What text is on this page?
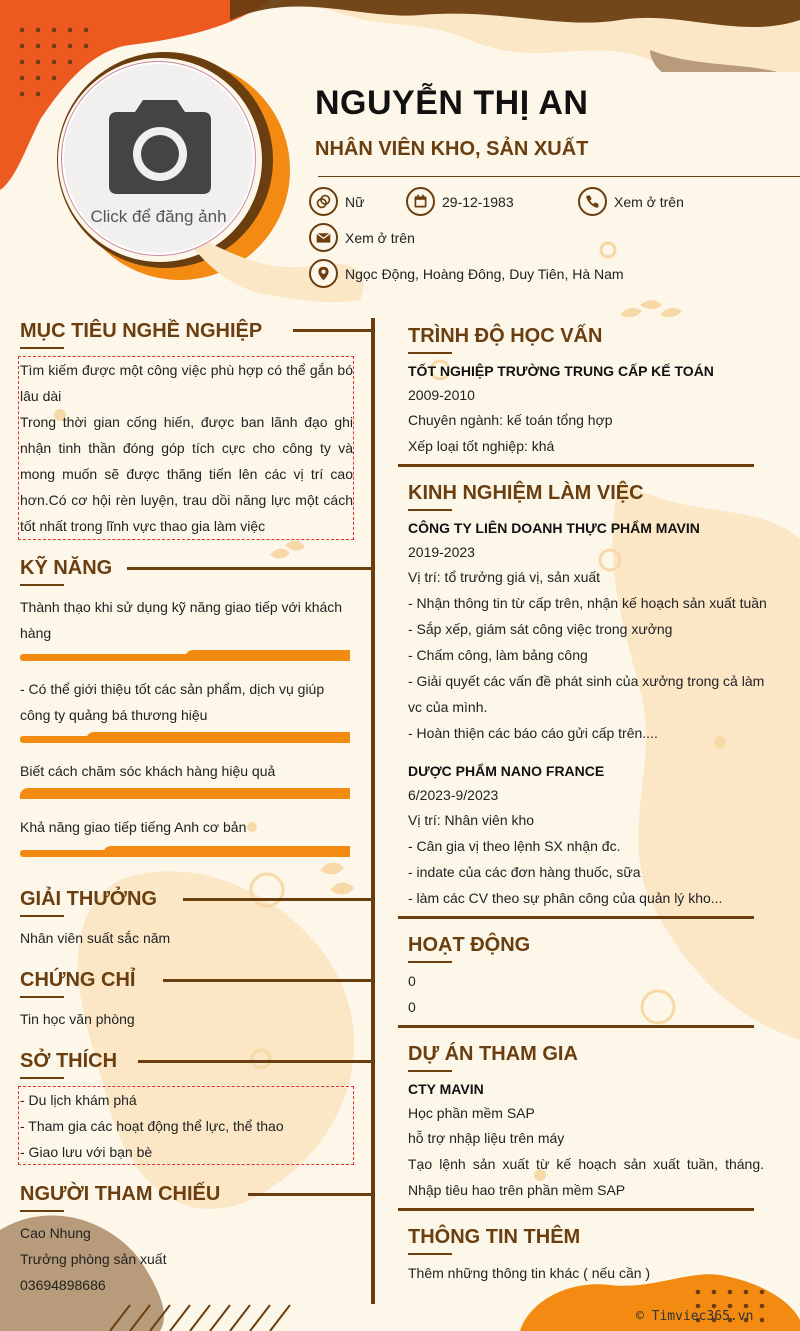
Click để đăng ảnh
NGUYỄN THỊ AN
NHÂN VIÊN KHO, SẢN XUẤT
Nữ	29-12-1983	Xem ở trên
Xem ở trên
Ngọc Động, Hoàng Đông, Duy Tiên, Hà Nam
MỤC TIÊU NGHỀ NGHIỆP
Tìm kiếm được một công việc phù hợp có thể gắn bó lâu dài
Trong thời gian cống hiến, được ban lãnh đạo ghi nhận tinh thần đóng góp tích cực cho công ty và mong muốn sẽ được thăng tiến lên các vị trí cao hơn.Có cơ hội rèn luyện, trau dồi năng lực một cách tốt nhất trong lĩnh vực thao gia làm việc
KỸ NĂNG
Thành thạo khi sử dụng kỹ năng giao tiếp với khách hàng
- Có thể giới thiệu tốt các sản phẩm, dịch vụ giúp công ty quảng bá thương hiệu
Biết cách chăm sóc khách hàng hiệu quả
Khả năng giao tiếp tiếng Anh cơ bản
GIẢI THƯỞNG
Nhân viên suất sắc năm
CHỨNG CHỈ
Tin học văn phòng
SỞ THÍCH
- Du lịch khám phá
- Tham gia các hoạt động thể lực, thể thao
- Giao lưu với bạn bè
NGƯỜI THAM CHIẾU
Cao Nhung
Trưởng phòng sản xuất
03694898686
TRÌNH ĐỘ HỌC VẤN
TỐT NGHIỆP TRƯỜNG TRUNG CẤP KẾ TOÁN
2009-2010
Chuyên ngành: kế toán tổng hợp
Xếp loại tốt nghiệp: khá
KINH NGHIỆM LÀM VIỆC
CÔNG TY LIÊN DOANH THỰC PHẨM MAVIN
2019-2023
Vị trí: tổ trưởng giá vị, sản xuất
- Nhận thông tin từ cấp trên, nhận kế hoạch sản xuất tuần
- Sắp xếp, giám sát công việc trong xưởng
- Chấm công, làm bảng công
- Giải quyết các vấn đề phát sinh của xưởng trong cả làm vc của mình.
- Hoàn thiện các báo cáo gửi cấp trên....
DƯỢC PHẨM NANO FRANCE
6/2023-9/2023
Vị trí: Nhân viên kho
- Cân gia vị theo lệnh SX nhận đc.
- indate của các đơn hàng thuốc, sữa
- làm các CV theo sự phân công của quản lý kho...
HOẠT ĐỘNG
0
0
DỰ ÁN THAM GIA
CTY MAVIN
Học phần mềm SAP
hỗ trợ nhập liệu trên máy
Tạo lệnh sản xuất từ kế hoạch sản xuất tuần, tháng. Nhập tiêu hao trên phần mềm SAP
THÔNG TIN THÊM
Thêm những thông tin khác ( nếu cần )
© Timviec365.vn
